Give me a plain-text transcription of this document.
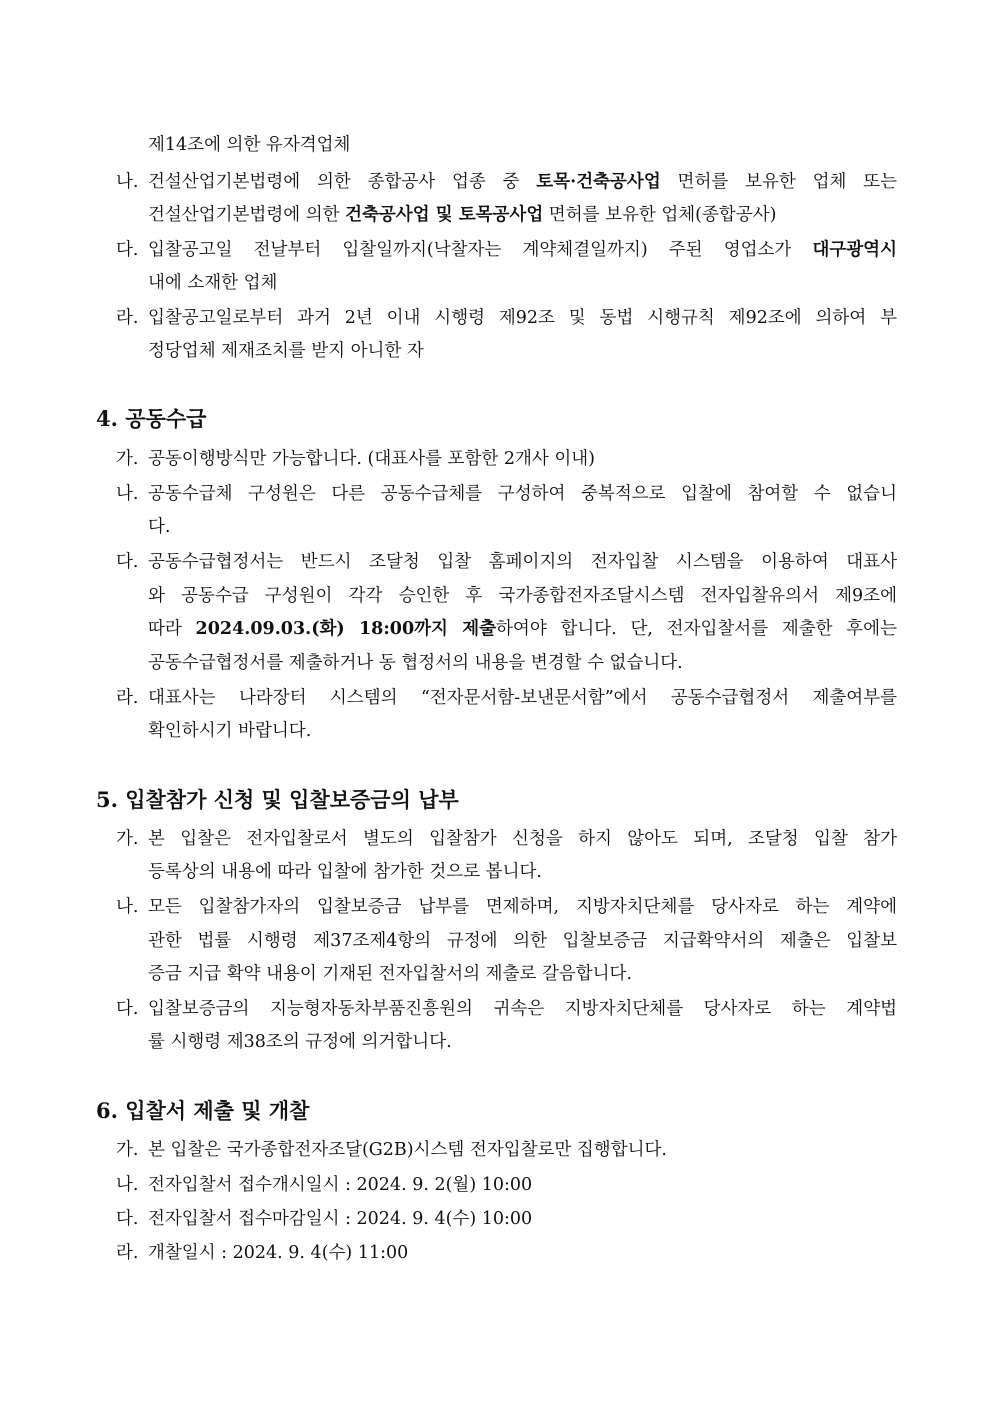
제14조에 의한 유자격업체
나. 건설산업기본법령에 의한 종합공사 업종 중 토목·건축공사업 면허를 보유한 업체 또는
건설산업기본법령에 의한 건축공사업 및 토목공사업 면허를 보유한 업체(종합공사)
다. 입찰공고일 전날부터 입찰일까지(낙찰자는 계약체결일까지) 주된 영업소가 대구광역시
내에 소재한 업체
라. 입찰공고일로부터 과거 2년 이내 시행령 제92조 및 동법 시행규칙 제92조에 의하여 부
정당업체 제재조치를 받지 아니한 자
4. 공동수급
가. 공동이행방식만 가능합니다. (대표사를 포함한 2개사 이내)
나. 공동수급체 구성원은 다른 공동수급체를 구성하여 중복적으로 입찰에 참여할 수 없습니
다.
다. 공동수급협정서는 반드시 조달청 입찰 홈페이지의 전자입찰 시스템을 이용하여 대표사
와 공동수급 구성원이 각각 승인한 후 국가종합전자조달시스템 전자입찰유의서 제9조에
따라 2024.09.03.(화) 18:00까지 제출하여야 합니다. 단, 전자입찰서를 제출한 후에는
공동수급협정서를 제출하거나 동 협정서의 내용을 변경할 수 없습니다.
라. 대표사는 나라장터 시스템의 “전자문서함-보낸문서함”에서 공동수급협정서 제출여부를
확인하시기 바랍니다.
5. 입찰참가 신청 및 입찰보증금의 납부
가. 본 입찰은 전자입찰로서 별도의 입찰참가 신청을 하지 않아도 되며, 조달청 입찰 참가
등록상의 내용에 따라 입찰에 참가한 것으로 봅니다.
나. 모든 입찰참가자의 입찰보증금 납부를 면제하며, 지방자치단체를 당사자로 하는 계약에
관한 법률 시행령 제37조제4항의 규정에 의한 입찰보증금 지급확약서의 제출은 입찰보
증금 지급 확약 내용이 기재된 전자입찰서의 제출로 갈음합니다.
다. 입찰보증금의 지능형자동차부품진흥원의 귀속은 지방자치단체를 당사자로 하는 계약법
률 시행령 제38조의 규정에 의거합니다.
6. 입찰서 제출 및 개찰
가. 본 입찰은 국가종합전자조달(G2B)시스템 전자입찰로만 집행합니다.
나. 전자입찰서 접수개시일시 : 2024. 9. 2(월) 10:00
다. 전자입찰서 접수마감일시 : 2024. 9. 4(수) 10:00
라. 개찰일시 : 2024. 9. 4(수) 11:00
